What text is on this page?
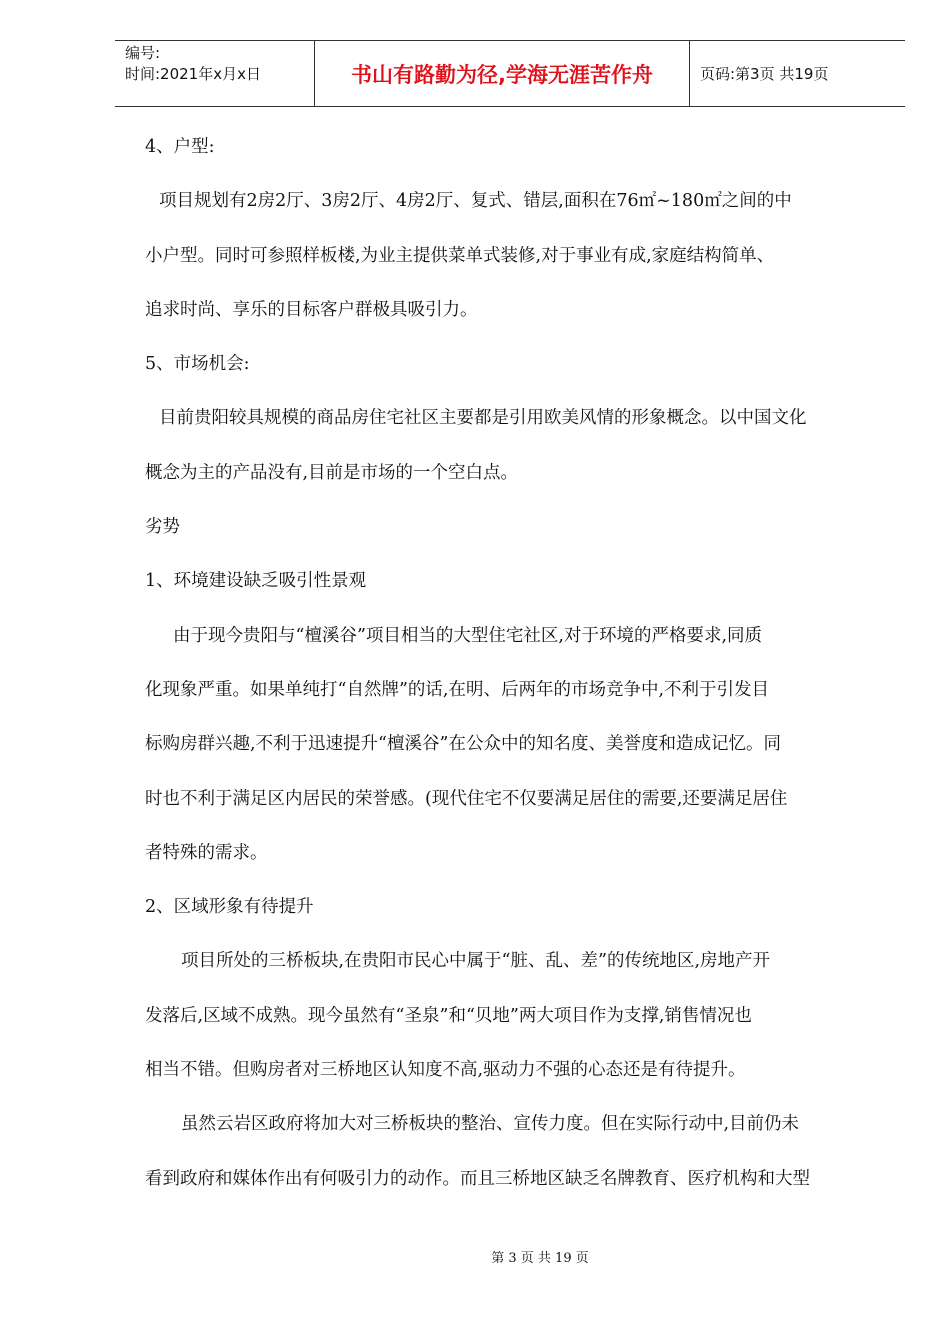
编号:
时间:2021年x月x日	书山有路勤为径,学海无涯苦作舟	页码:第3页 共19页
4、户型:
项目规划有2房2厅、3房2厅、4房2厅、复式、错层,面积在76㎡~180㎡之间的中
小户型。同时可参照样板楼,为业主提供菜单式装修,对于事业有成,家庭结构简单、
追求时尚、享乐的目标客户群极具吸引力。
5、市场机会:
目前贵阳较具规模的商品房住宅社区主要都是引用欧美风情的形象概念。以中国文化
概念为主的产品没有,目前是市场的一个空白点。
劣势
1、环境建设缺乏吸引性景观
由于现今贵阳与“檀溪谷”项目相当的大型住宅社区,对于环境的严格要求,同质
化现象严重。如果单纯打“自然牌”的话,在明、后两年的市场竞争中,不利于引发目
标购房群兴趣,不利于迅速提升“檀溪谷”在公众中的知名度、美誉度和造成记忆。同
时也不利于满足区内居民的荣誉感。(现代住宅不仅要满足居住的需要,还要满足居住
者特殊的需求。
2、区域形象有待提升
项目所处的三桥板块,在贵阳市民心中属于“脏、乱、差”的传统地区,房地产开
发落后,区域不成熟。现今虽然有“圣泉”和“贝地”两大项目作为支撑,销售情况也
相当不错。但购房者对三桥地区认知度不高,驱动力不强的心态还是有待提升。
虽然云岩区政府将加大对三桥板块的整治、宣传力度。但在实际行动中,目前仍未
看到政府和媒体作出有何吸引力的动作。而且三桥地区缺乏名牌教育、医疗机构和大型
第 3 页 共 19 页
